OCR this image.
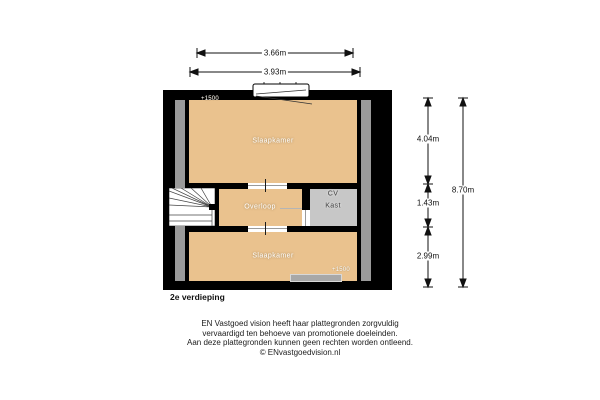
3.66m
3.93m
4.04m
1.43m
2.99m
8.70m
+1500
+1500
Slaapkamer
Overloop
CV
Kast
Slaapkamer
2e verdieping
EN Vastgoed vision heeft haar plattegronden zorgvuldig
vervaardigd ten behoeve van promotionele doeleinden.
Aan deze plattegronden kunnen geen rechten worden ontleend.
© ENvastgoedvision.nl
